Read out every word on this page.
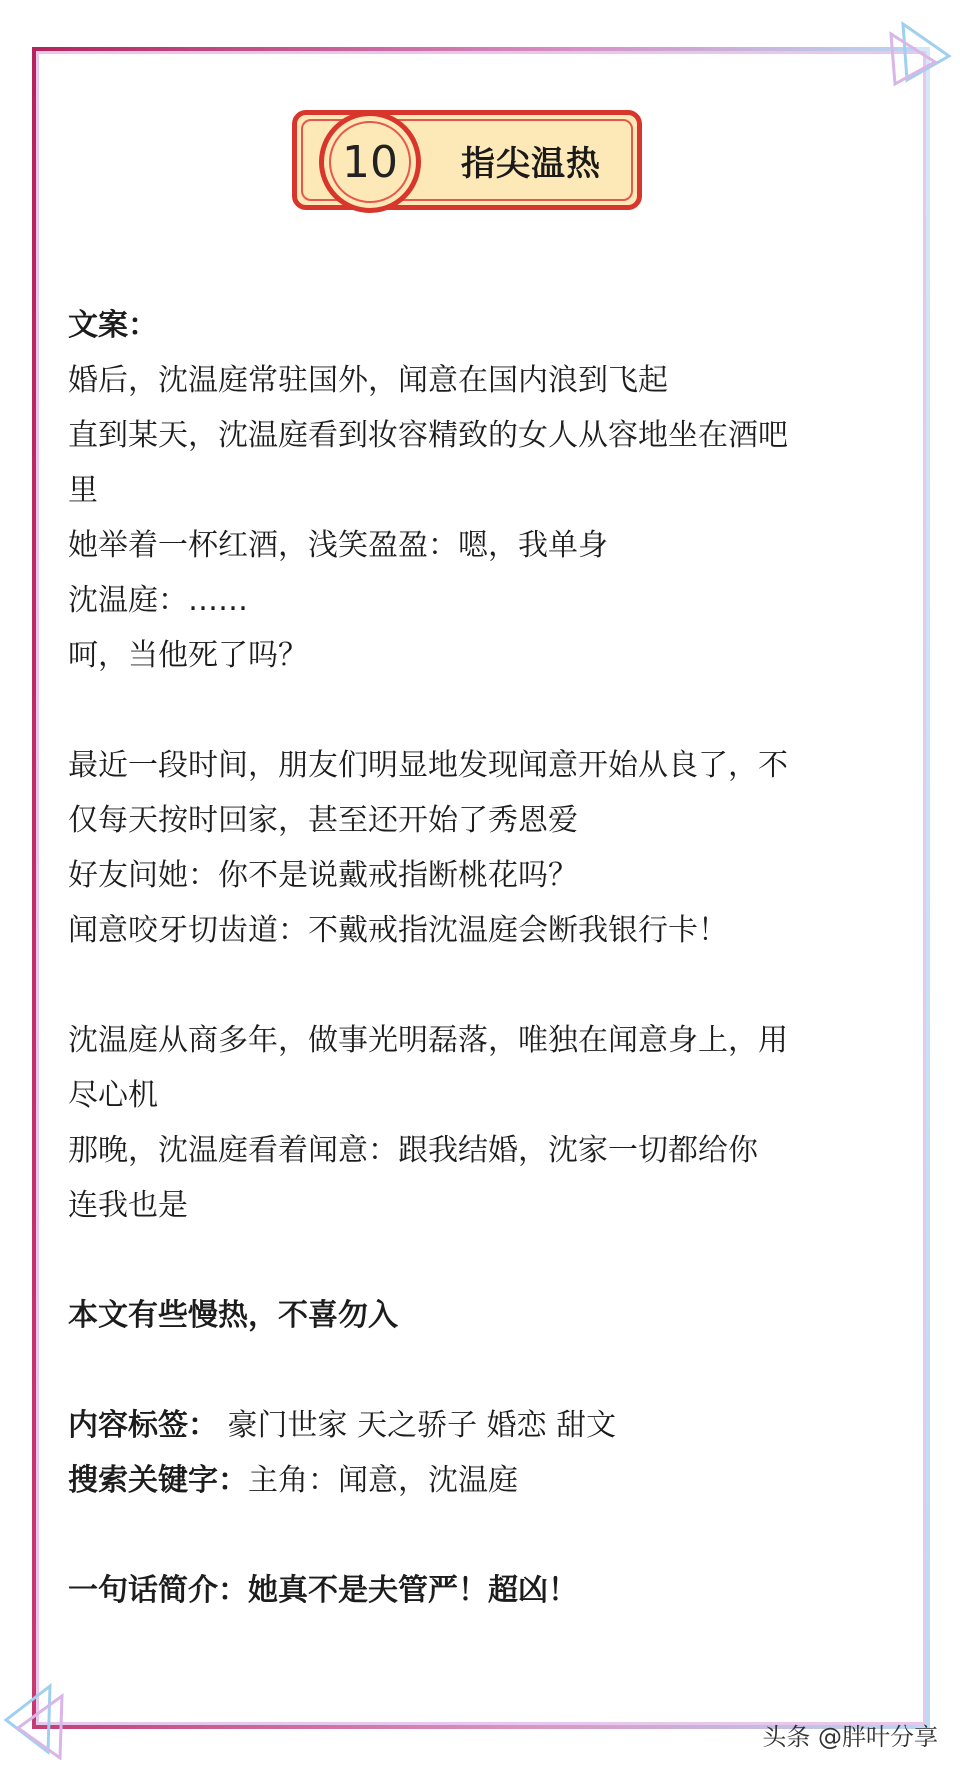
10 指尖温热
文案：
婚后，沈温庭常驻国外，闻意在国内浪到飞起
直到某天，沈温庭看到妆容精致的女人从容地坐在酒吧
里
她举着一杯红酒，浅笑盈盈：嗯，我单身
沈温庭：……
呵，当他死了吗？
最近一段时间，朋友们明显地发现闻意开始从良了，不
仅每天按时回家，甚至还开始了秀恩爱
好友问她：你不是说戴戒指断桃花吗？
闻意咬牙切齿道：不戴戒指沈温庭会断我银行卡！
沈温庭从商多年，做事光明磊落，唯独在闻意身上，用
尽心机
那晚，沈温庭看着闻意：跟我结婚，沈家一切都给你
连我也是
本文有些慢热，不喜勿入
内容标签： 豪门世家 天之骄子 婚恋 甜文
搜索关键字：主角：闻意，沈温庭
一句话简介：她真不是夫管严！超凶！
头条 @胖叶分享
